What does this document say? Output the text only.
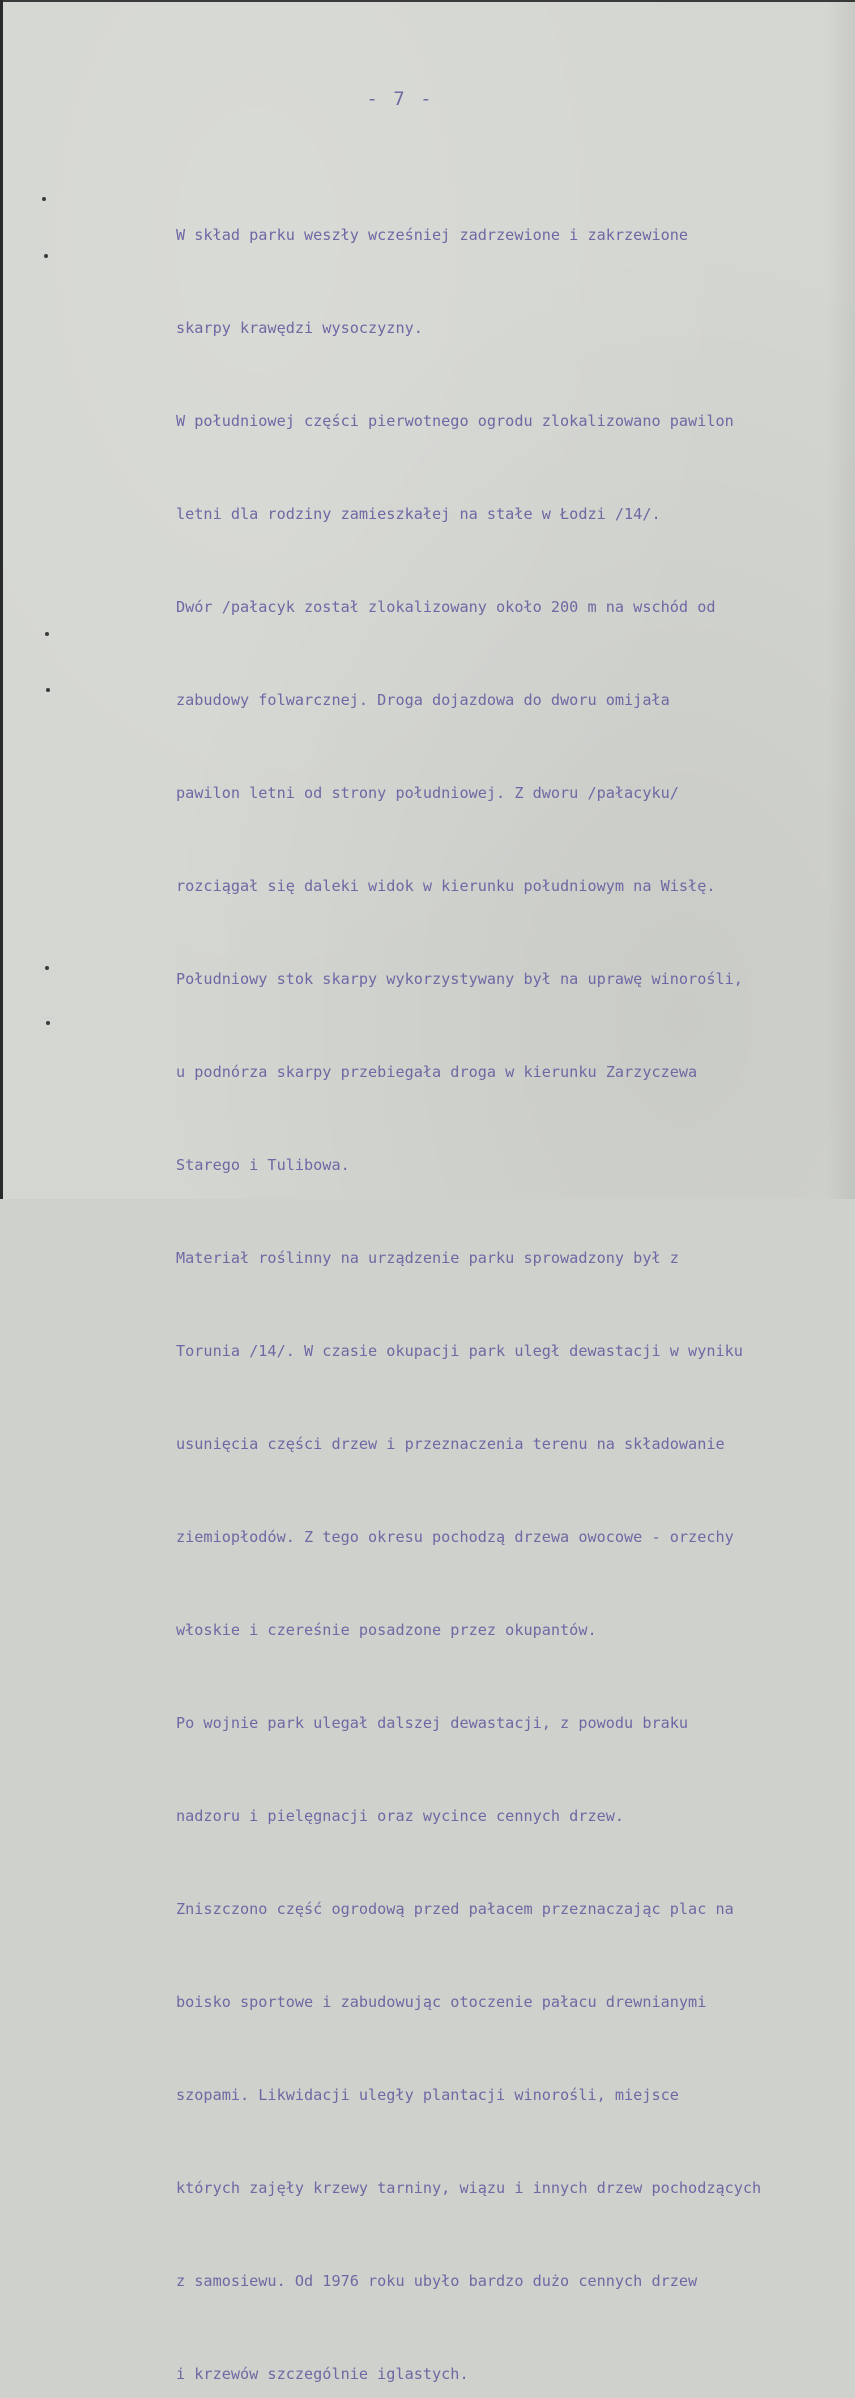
- 7 -

W skład parku weszły wcześniej zadrzewione i zakrzewione

skarpy krawędzi wysoczyzny.

W południowej części pierwotnego ogrodu zlokalizowano pawilon

letni dla rodziny zamieszkałej na stałe w Łodzi /14/.

Dwór /pałacyk został zlokalizowany około 200 m na wschód od

zabudowy folwarcznej. Droga dojazdowa do dworu omijała

pawilon letni od strony południowej. Z dworu /pałacyku/

rozciągał się daleki widok w kierunku południowym na Wisłę.

Południowy stok skarpy wykorzystywany był na uprawę winorośli,

u podnórza skarpy przebiegała droga w kierunku Zarzyczewa

Starego i Tulibowa.

Materiał roślinny na urządzenie parku sprowadzony był z

Torunia /14/. W czasie okupacji park uległ dewastacji w wyniku

usunięcia części drzew i przeznaczenia terenu na składowanie

ziemiopłodów. Z tego okresu pochodzą drzewa owocowe - orzechy

włoskie i czereśnie posadzone przez okupantów.

Po wojnie park ulegał dalszej dewastacji, z powodu braku

nadzoru i pielęgnacji oraz wycince cennych drzew.

Zniszczono część ogrodową przed pałacem przeznaczając plac na

boisko sportowe i zabudowując otoczenie pałacu drewnianymi

szopami. Likwidacji uległy plantacji winorośli, miejsce

których zajęły krzewy tarniny, wiązu i innych drzew pochodzących

z samosiewu. Od 1976 roku ubyło bardzo dużo cennych drzew

i krzewów szczególnie iglastych.
